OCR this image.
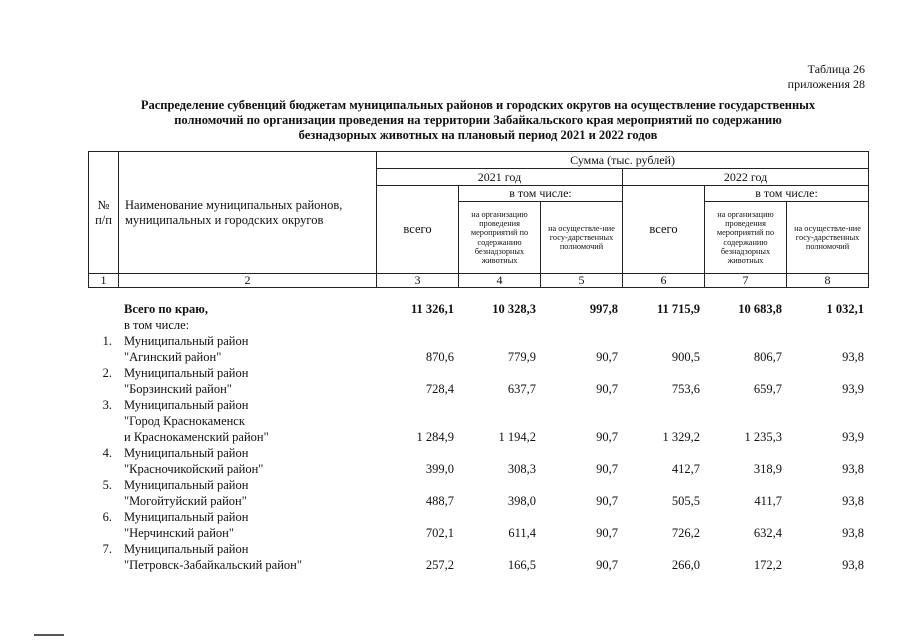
Таблица 26
приложения 28
Распределение субвенций бюджетам муниципальных районов и городских округов на осуществление государственных
полномочий по организации проведения на территории Забайкальского края мероприятий по содержанию
безнадзорных животных на плановый период 2021 и 2022 годов
№
п/п	Наименование муниципальных районов, муниципальных и городских округов	Сумма (тыс. рублей)					
		2021 год			2022 год		
		всего	в том числе:		всего	в том числе:	
			на организацию проведения мероприятий по содержанию безнадзорных животных	на осуществле-ние госу-дарственных полномочий		на организацию проведения мероприятий по содержанию безнадзорных животных	на осуществле-ние госу-дарственных полномочий
1	2	3	4	5	6	7	8
	Всего по краю,	11 326,1	10 328,3	997,8	11 715,9	10 683,8	1 032,1
	в том числе:						

1.	Муниципальный район
"Агинский район"	870,6	779,9	90,7	900,5	806,7	93,8

2.	Муниципальный район
"Борзинский район"	728,4	637,7	90,7	753,6	659,7	93,9

3.	Муниципальный район
"Город Краснокаменск
и Краснокаменский район"	1 284,9	1 194,2	90,7	1 329,2	1 235,3	93,9

4.	Муниципальный район
"Красночикойский район"	399,0	308,3	90,7	412,7	318,9	93,8

5.	Муниципальный район
"Могойтуйский район"	488,7	398,0	90,7	505,5	411,7	93,8

6.	Муниципальный район
"Нерчинский район"	702,1	611,4	90,7	726,2	632,4	93,8

7.	Муниципальный район
"Петровск-Забайкальский район"	257,2	166,5	90,7	266,0	172,2	93,8
